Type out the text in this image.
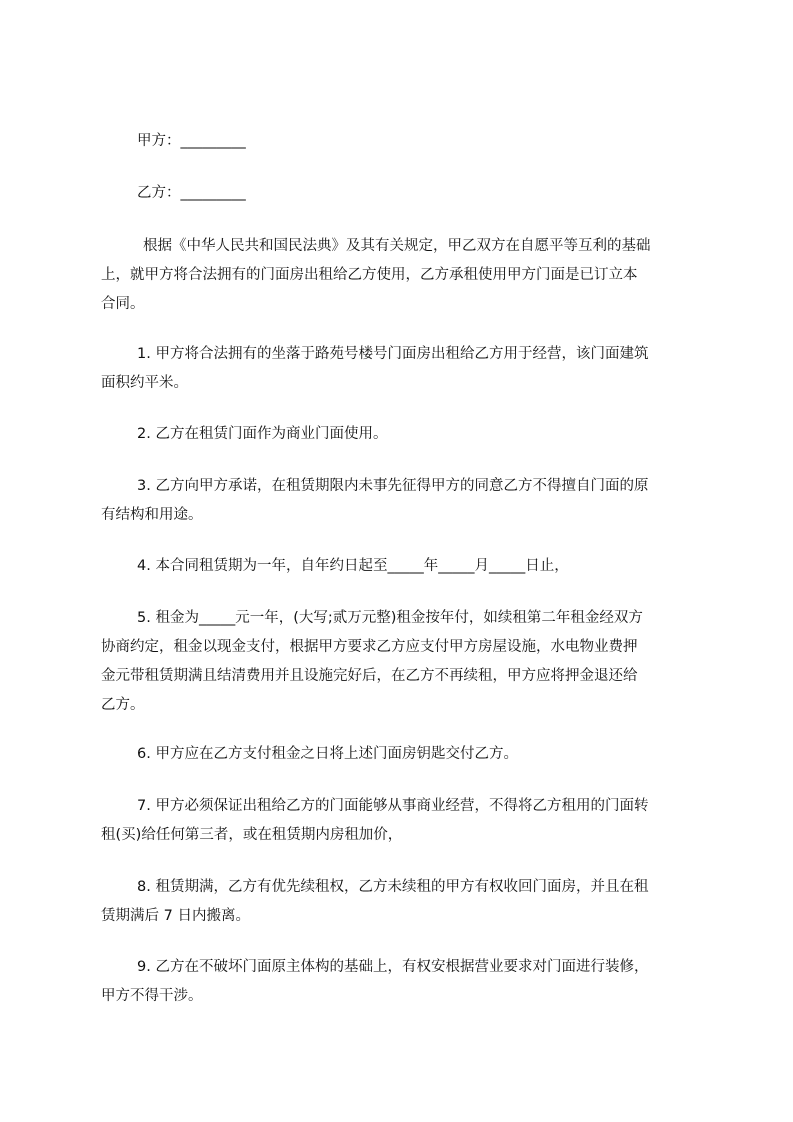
甲方：_________
乙方：_________
根据《中华人民共和国民法典》及其有关规定，甲乙双方在自愿平等互利的基础
上，就甲方将合法拥有的门面房出租给乙方使用，乙方承租使用甲方门面是已订立本
合同。
1. 甲方将合法拥有的坐落于路苑号楼号门面房出租给乙方用于经营，该门面建筑
面积约平米。
2. 乙方在租赁门面作为商业门面使用。
3. 乙方向甲方承诺，在租赁期限内未事先征得甲方的同意乙方不得擅自门面的原
有结构和用途。
4. 本合同租赁期为一年，自年约日起至_____年_____月_____日止，
5. 租金为_____元一年，(大写;贰万元整)租金按年付，如续租第二年租金经双方
协商约定，租金以现金支付，根据甲方要求乙方应支付甲方房屋设施，水电物业费押
金元带租赁期满且结清费用并且设施完好后，在乙方不再续租，甲方应将押金退还给
乙方。
6. 甲方应在乙方支付租金之日将上述门面房钥匙交付乙方。
7. 甲方必须保证出租给乙方的门面能够从事商业经营，不得将乙方租用的门面转
租(买)给任何第三者，或在租赁期内房租加价，
8. 租赁期满，乙方有优先续租权，乙方未续租的甲方有权收回门面房，并且在租
赁期满后 7 日内搬离。
9. 乙方在不破坏门面原主体构的基础上，有权安根据营业要求对门面进行装修，
甲方不得干涉。
